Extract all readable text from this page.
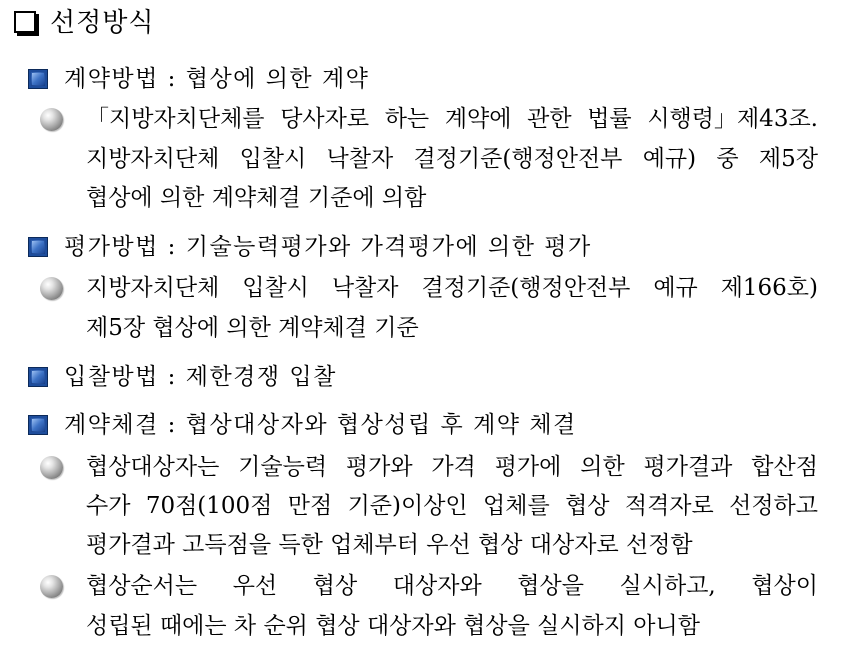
선정방식
계약방법 : 협상에 의한 계약
「지방자치단체를 당사자로 하는 계약에 관한 법률 시행령」제43조.
지방자치단체 입찰시 낙찰자 결정기준(행정안전부 예규) 중 제5장
협상에 의한 계약체결 기준에 의함
평가방법 : 기술능력평가와 가격평가에 의한 평가
지방자치단체 입찰시 낙찰자 결정기준(행정안전부 예규 제166호)
제5장 협상에 의한 계약체결 기준
입찰방법 : 제한경쟁 입찰
계약체결 : 협상대상자와 협상성립 후 계약 체결
협상대상자는 기술능력 평가와 가격 평가에 의한 평가결과 합산점
수가 70점(100점 만점 기준)이상인 업체를 협상 적격자로 선정하고
평가결과 고득점을 득한 업체부터 우선 협상 대상자로 선정함
협상순서는 우선 협상 대상자와 협상을 실시하고, 협상이
성립된 때에는 차 순위 협상 대상자와 협상을 실시하지 아니함
